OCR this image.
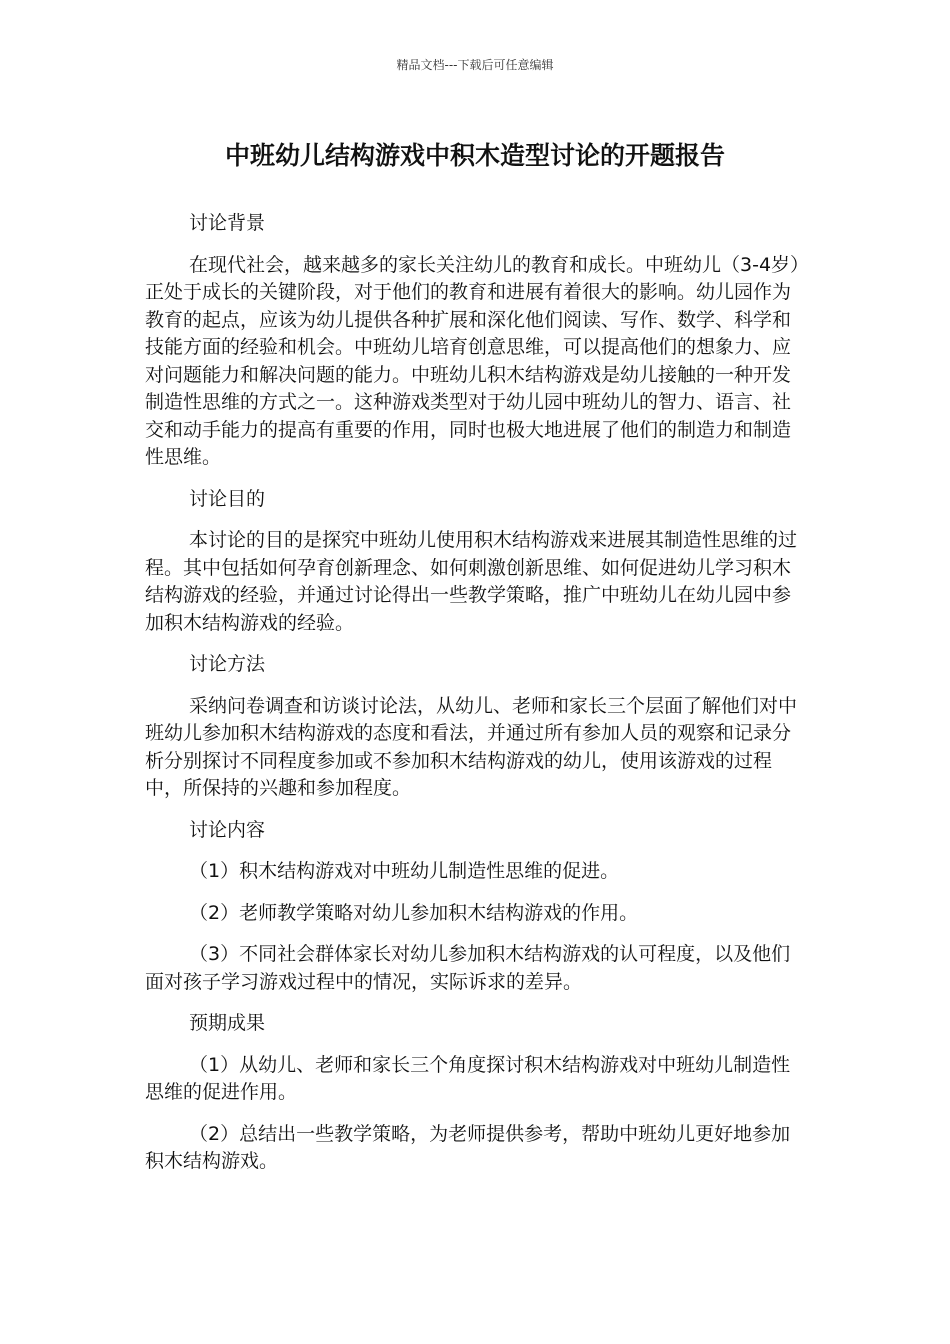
精品文档---下载后可任意编辑
中班幼儿结构游戏中积木造型讨论的开题报告

讨论背景

在现代社会，越来越多的家长关注幼儿的教育和成长。中班幼儿（3-4岁）正处于成长的关键阶段，对于他们的教育和进展有着很大的影响。幼儿园作为教育的起点，应该为幼儿提供各种扩展和深化他们阅读、写作、数学、科学和技能方面的经验和机会。中班幼儿培育创意思维，可以提高他们的想象力、应对问题能力和解决问题的能力。中班幼儿积木结构游戏是幼儿接触的一种开发制造性思维的方式之一。这种游戏类型对于幼儿园中班幼儿的智力、语言、社交和动手能力的提高有重要的作用，同时也极大地进展了他们的制造力和制造性思维。

讨论目的

本讨论的目的是探究中班幼儿使用积木结构游戏来进展其制造性思维的过程。其中包括如何孕育创新理念、如何刺激创新思维、如何促进幼儿学习积木结构游戏的经验，并通过讨论得出一些教学策略，推广中班幼儿在幼儿园中参加积木结构游戏的经验。

讨论方法

采纳问卷调查和访谈讨论法，从幼儿、老师和家长三个层面了解他们对中班幼儿参加积木结构游戏的态度和看法，并通过所有参加人员的观察和记录分析分别探讨不同程度参加或不参加积木结构游戏的幼儿，使用该游戏的过程中，所保持的兴趣和参加程度。

讨论内容

（1）积木结构游戏对中班幼儿制造性思维的促进。

（2）老师教学策略对幼儿参加积木结构游戏的作用。

（3）不同社会群体家长对幼儿参加积木结构游戏的认可程度，以及他们面对孩子学习游戏过程中的情况，实际诉求的差异。

预期成果

（1）从幼儿、老师和家长三个角度探讨积木结构游戏对中班幼儿制造性思维的促进作用。

（2）总结出一些教学策略，为老师提供参考，帮助中班幼儿更好地参加积木结构游戏。
